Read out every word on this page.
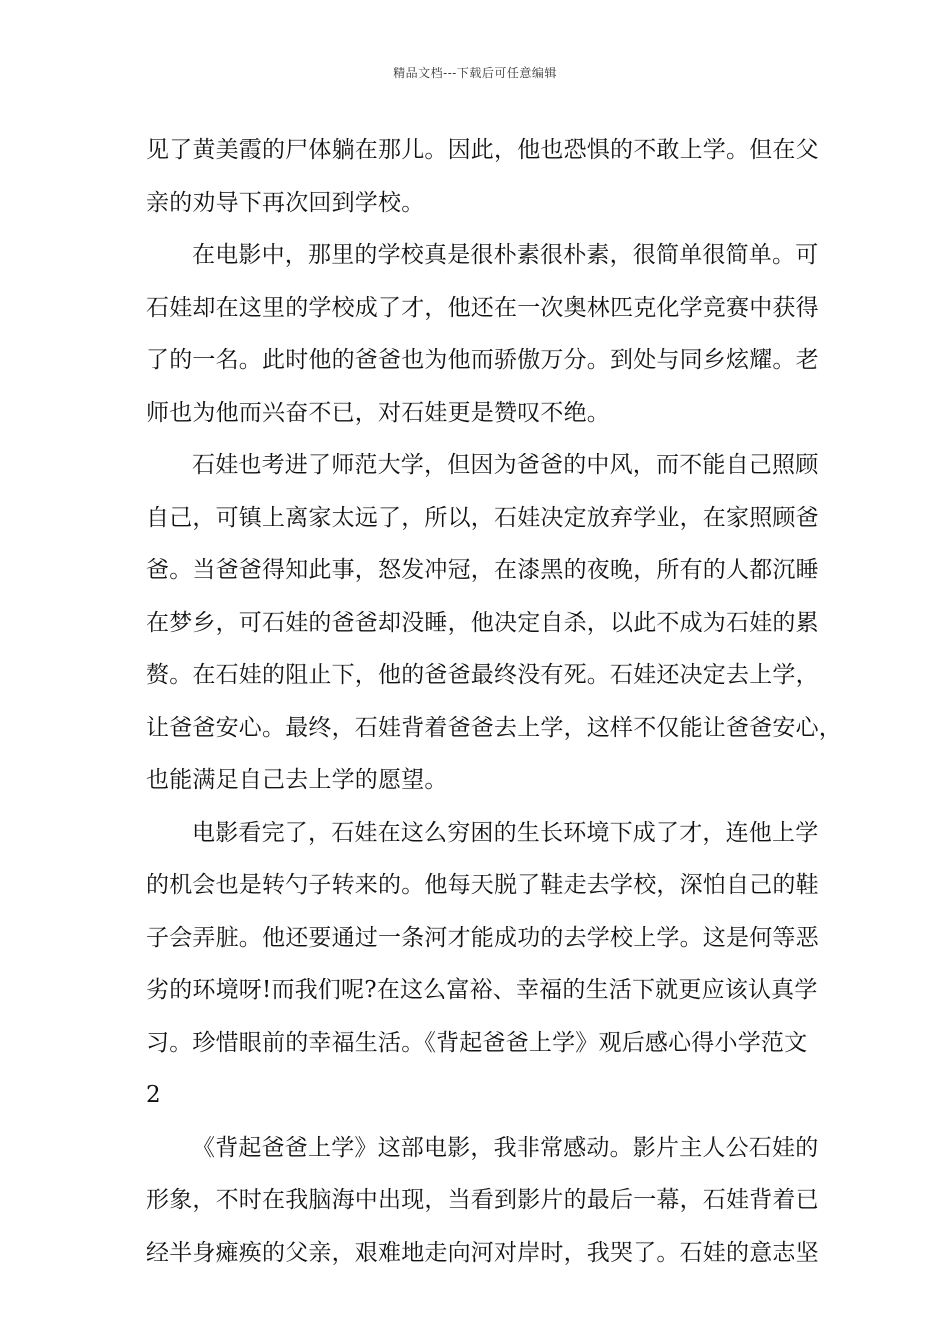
精品文档---下载后可任意编辑
见了黄美霞的尸体躺在那儿。因此，他也恐惧的不敢上学。但在父
亲的劝导下再次回到学校。
在电影中，那里的学校真是很朴素很朴素，很简单很简单。可
石娃却在这里的学校成了才，他还在一次奥林匹克化学竞赛中获得
了的一名。此时他的爸爸也为他而骄傲万分。到处与同乡炫耀。老
师也为他而兴奋不已，对石娃更是赞叹不绝。
石娃也考进了师范大学，但因为爸爸的中风，而不能自己照顾
自己，可镇上离家太远了，所以，石娃决定放弃学业，在家照顾爸
爸。当爸爸得知此事，怒发冲冠，在漆黑的夜晚，所有的人都沉睡
在梦乡，可石娃的爸爸却没睡，他决定自杀，以此不成为石娃的累
赘。在石娃的阻止下，他的爸爸最终没有死。石娃还决定去上学，
让爸爸安心。最终，石娃背着爸爸去上学，这样不仅能让爸爸安心，
也能满足自己去上学的愿望。
电影看完了，石娃在这么穷困的生长环境下成了才，连他上学
的机会也是转勺子转来的。他每天脱了鞋走去学校，深怕自己的鞋
子会弄脏。他还要通过一条河才能成功的去学校上学。这是何等恶
劣的环境呀!而我们呢?在这么富裕、幸福的生活下就更应该认真学
习。珍惜眼前的幸福生活。《背起爸爸上学》观后感心得小学范文
2
《背起爸爸上学》这部电影，我非常感动。影片主人公石娃的
形象，不时在我脑海中出现，当看到影片的最后一幕，石娃背着已
经半身瘫痪的父亲，艰难地走向河对岸时，我哭了。石娃的意志坚
